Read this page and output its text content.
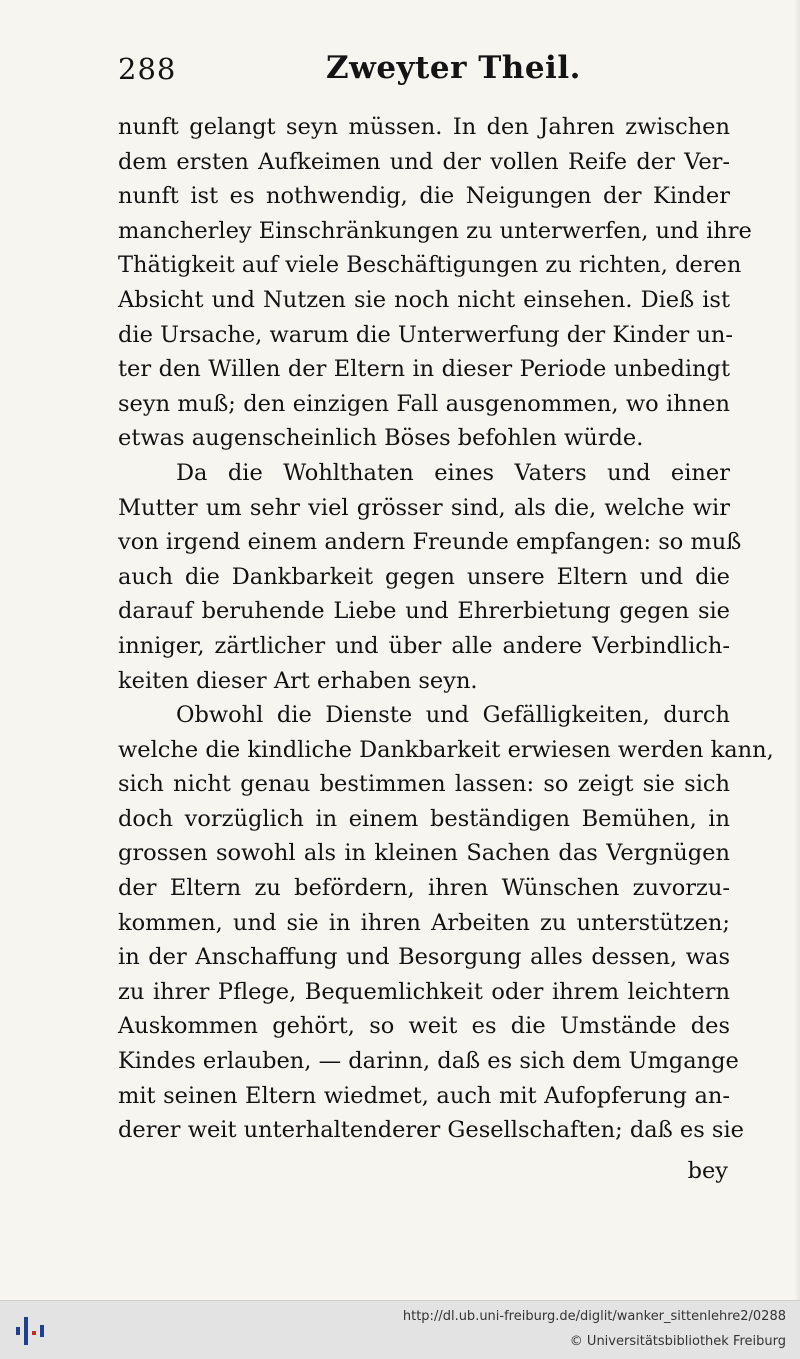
288	Zweyter Theil.
nunft gelangt seyn müssen. In den Jahren zwischen
dem ersten Aufkeimen und der vollen Reife der Ver-
nunft ist es nothwendig, die Neigungen der Kinder
mancherley Einschränkungen zu unterwerfen, und ihre
Thätigkeit auf viele Beschäftigungen zu richten, deren
Absicht und Nutzen sie noch nicht einsehen. Dieß ist
die Ursache, warum die Unterwerfung der Kinder un-
ter den Willen der Eltern in dieser Periode unbedingt
seyn muß; den einzigen Fall ausgenommen, wo ihnen
etwas augenscheinlich Böses befohlen würde.
Da die Wohlthaten eines Vaters und einer
Mutter um sehr viel grösser sind, als die, welche wir
von irgend einem andern Freunde empfangen: so muß
auch die Dankbarkeit gegen unsere Eltern und die
darauf beruhende Liebe und Ehrerbietung gegen sie
inniger, zärtlicher und über alle andere Verbindlich-
keiten dieser Art erhaben seyn.
Obwohl die Dienste und Gefälligkeiten, durch
welche die kindliche Dankbarkeit erwiesen werden kann,
sich nicht genau bestimmen lassen: so zeigt sie sich
doch vorzüglich in einem beständigen Bemühen, in
grossen sowohl als in kleinen Sachen das Vergnügen
der Eltern zu befördern, ihren Wünschen zuvorzu-
kommen, und sie in ihren Arbeiten zu unterstützen;
in der Anschaffung und Besorgung alles dessen, was
zu ihrer Pflege, Bequemlichkeit oder ihrem leichtern
Auskommen gehört, so weit es die Umstände des
Kindes erlauben, — darinn, daß es sich dem Umgange
mit seinen Eltern wiedmet, auch mit Aufopferung an-
derer weit unterhaltenderer Gesellschaften; daß es sie
bey
http://dl.ub.uni-freiburg.de/diglit/wanker_sittenlehre2/0288
© Universitätsbibliothek Freiburg
